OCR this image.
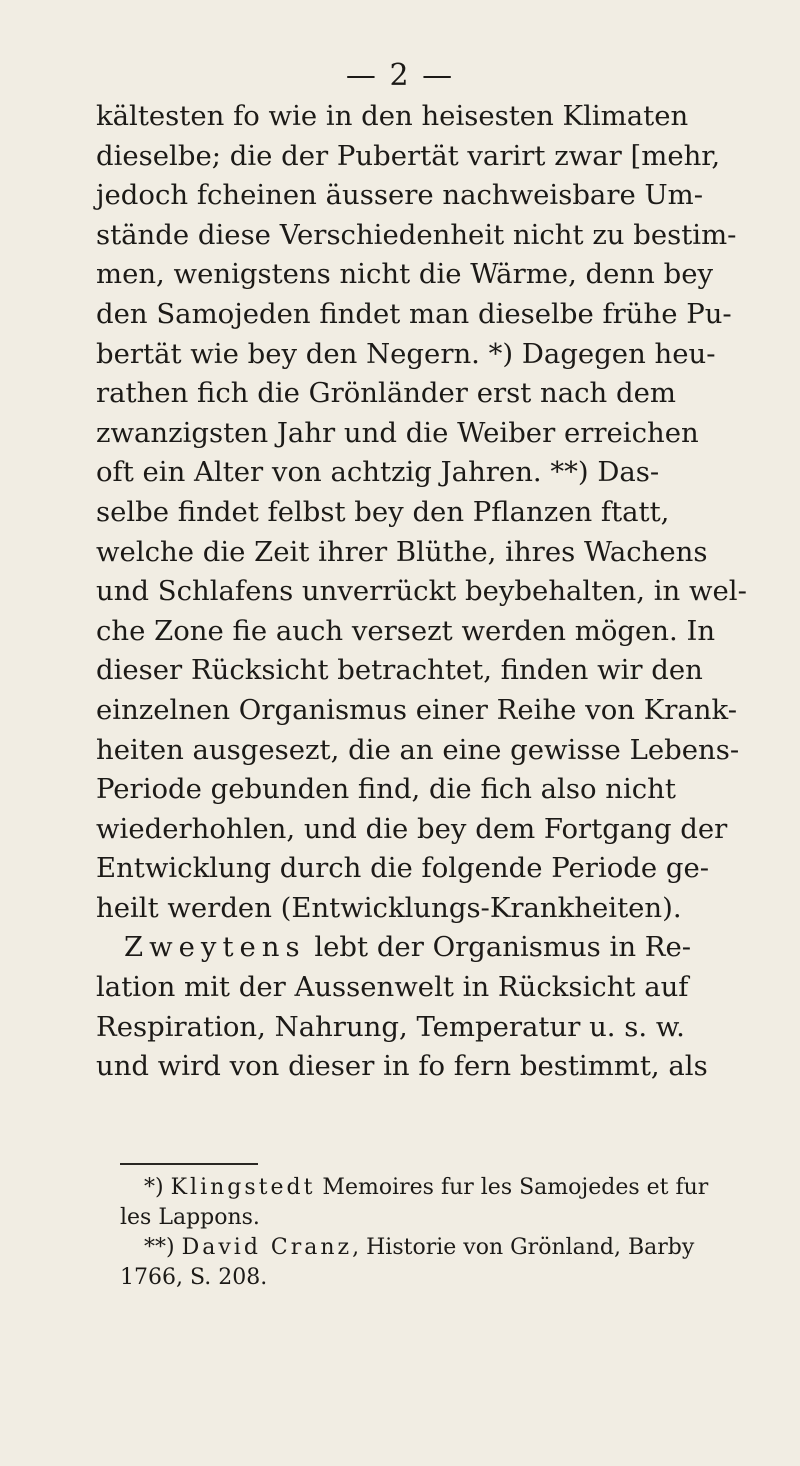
— 2 —
kältesten fo wie in den heisesten Klimaten
dieselbe; die der Pubertät varirt zwar [mehr,
jedoch fcheinen äussere nachweisbare Um-
stände diese Verschiedenheit nicht zu bestim-
men, wenigstens nicht die Wärme, denn bey
den Samojeden findet man dieselbe frühe Pu-
bertät wie bey den Negern. *) Dagegen heu-
rathen fich die Grönländer erst nach dem
zwanzigsten Jahr und die Weiber erreichen
oft ein Alter von achtzig Jahren. **) Das-
selbe findet felbst bey den Pflanzen ftatt,
welche die Zeit ihrer Blüthe, ihres Wachens
und Schlafens unverrückt beybehalten, in wel-
che Zone fie auch versezt werden mögen. In
dieser Rücksicht betrachtet, finden wir den
einzelnen Organismus einer Reihe von Krank-
heiten ausgesezt, die an eine gewisse Lebens-
Periode gebunden find, die fich also nicht
wiederhohlen, und die bey dem Fortgang der
Entwicklung durch die folgende Periode ge-
heilt werden (Entwicklungs-Krankheiten).
Zweytens lebt der Organismus in Re-
lation mit der Aussenwelt in Rücksicht auf
Respiration, Nahrung, Temperatur u. s. w.
und wird von dieser in fo fern bestimmt, als
*) Klingstedt Memoires fur les Samojedes et fur
les Lappons.
**) David Cranz, Historie von Grönland, Barby
1766, S. 208.
